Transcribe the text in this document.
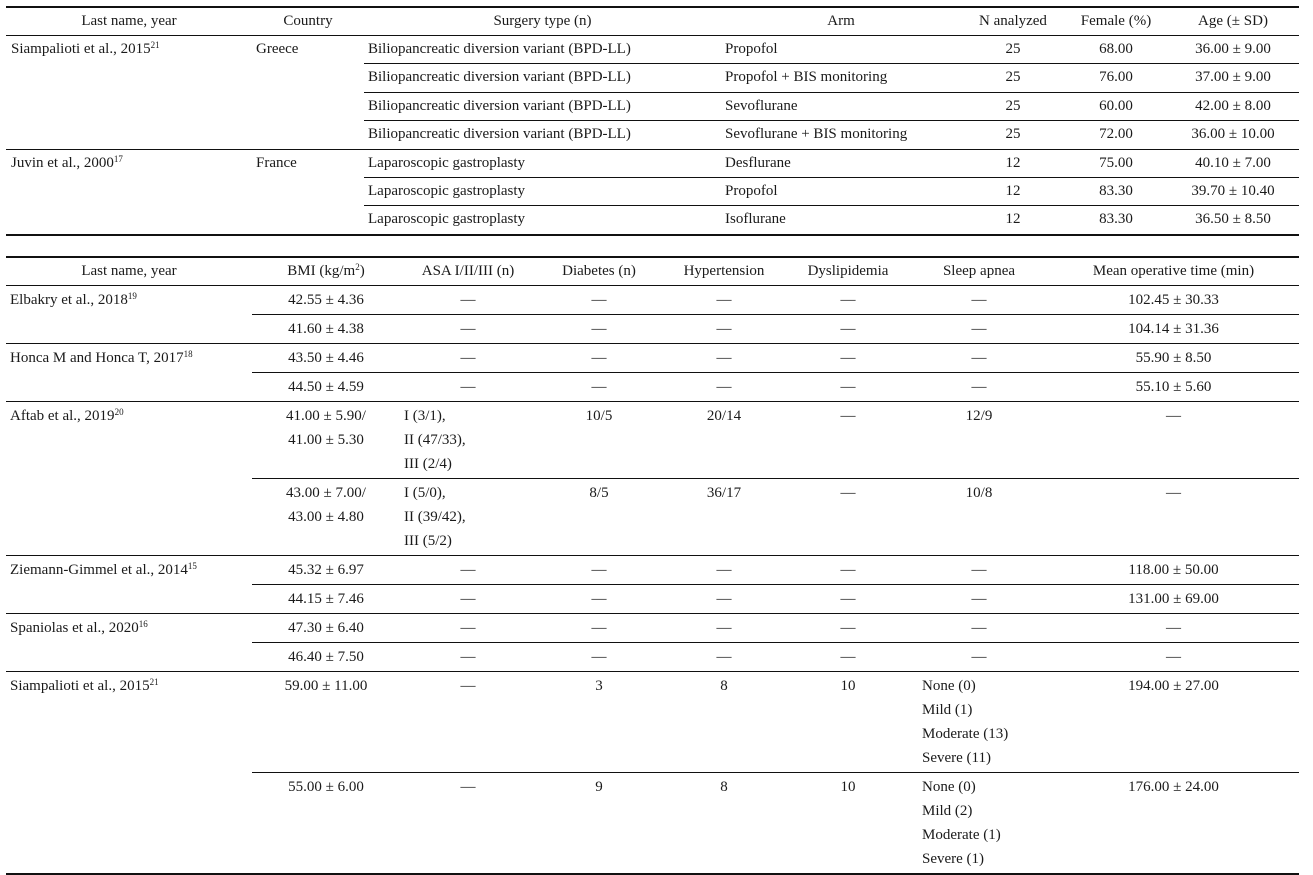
Last name, year	Country	Surgery type (n)	Arm	N analyzed	Female (%)	Age (± SD)
Siampalioti et al., 2015$^{21}$	Greece	Biliopancreatic diversion variant (BPD-LL)	Propofol	25	68.00	36.00 ± 9.00
		Biliopancreatic diversion variant (BPD-LL)	Propofol + BIS monitoring	25	76.00	37.00 ± 9.00
		Biliopancreatic diversion variant (BPD-LL)	Sevoflurane	25	60.00	42.00 ± 8.00
		Biliopancreatic diversion variant (BPD-LL)	Sevoflurane + BIS monitoring	25	72.00	36.00 ± 10.00
Juvin et al., 2000$^{17}$	France	Laparoscopic gastroplasty	Desflurane	12	75.00	40.10 ± 7.00
		Laparoscopic gastroplasty	Propofol	12	83.30	39.70 ± 10.40
		Laparoscopic gastroplasty	Isoflurane	12	83.30	36.50 ± 8.50
Last name, year	BMI $(kg/m^2)$	ASA I/II/III (n)	Diabetes (n)	Hypertension	Dyslipidemia	Sleep apnea	Mean operative time (min)
Elbakry et al., 2018$^{19}$	42.55 ± 4.36	—	—	—	—	—	102.45 ± 30.33

	41.60 ± 4.38	—	—	—	—	—	104.14 ± 31.36
Honca M and Honca T, 2017$^{18}$	43.50 ± 4.46	—	—	—	—	—	55.90 ± 8.50

	44.50 ± 4.59	—	—	—	—	—	55.10 ± 5.60
Aftab et al., 2019$^{20}$	41.00 ± 5.90/
41.00 ± 5.30	I (3/1),
II (47/33),
III (2/4)	10/5	20/14	—	12/9	—

	43.00 ± 7.00/
43.00 ± 4.80	I (5/0),
II (39/42),
III (5/2)	8/5	36/17	—	10/8	—
Ziemann-Gimmel et al., 2014$^{15}$	45.32 ± 6.97	—	—	—	—	—	118.00 ± 50.00

	44.15 ± 7.46	—	—	—	—	—	131.00 ± 69.00
Spaniolas et al., 2020$^{16}$	47.30 ± 6.40	—	—	—	—	—	—

	46.40 ± 7.50	—	—	—	—	—	—
Siampalioti et al., 2015$^{21}$	59.00 ± 11.00	—	3	8	10	None (0)
Mild (1)
Moderate (13)
Severe (11)	194.00 ± 27.00

	55.00 ± 6.00	—	9	8	10	None (0)
Mild (2)
Moderate (1)
Severe (1)	176.00 ± 24.00
